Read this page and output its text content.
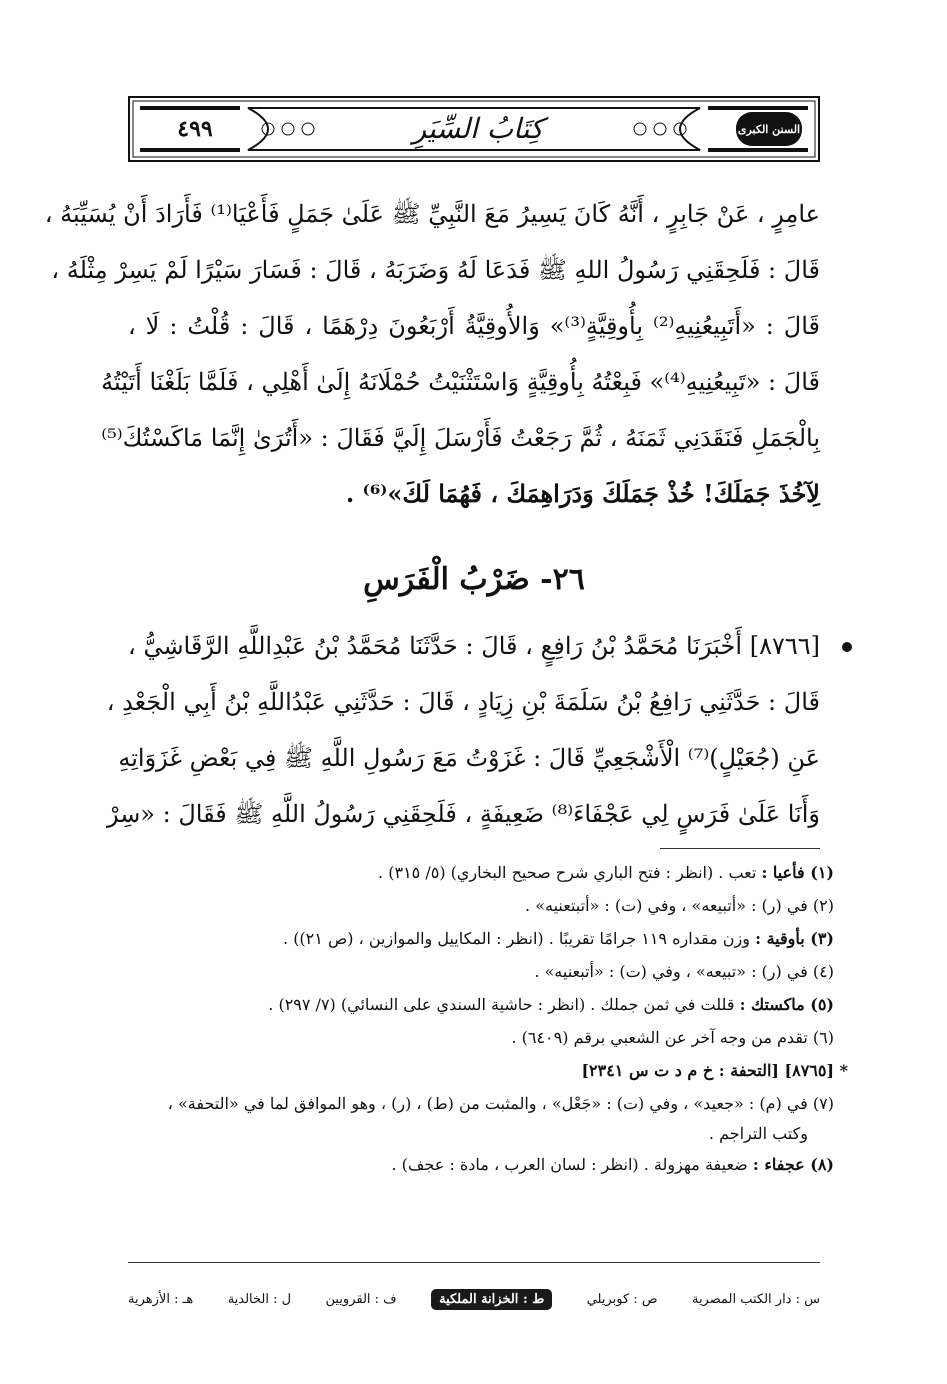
٤٩٩	كِتَابُ السِّيَرِ	السنن الكبرى
عامِرٍ ، عَنْ جَابِرٍ ، أَنَّهُ كَانَ يَسِيرُ مَعَ النَّبِيِّ ﷺ عَلَىٰ جَمَلٍ فَأَعْيَا⁽¹⁾ فَأَرَادَ أَنْ يُسَيِّبَهُ ،
قَالَ : فَلَحِقَنِي رَسُولُ اللهِ ﷺ فَدَعَا لَهُ وَضَرَبَهُ ، قَالَ : فَسَارَ سَيْرًا لَمْ يَسِرْ مِثْلَهُ ،
قَالَ : «أَتَبِيعُنِيهِ⁽²⁾ بِأُوقِيَّةٍ⁽³⁾» وَالأُوقِيَّةُ أَرْبَعُونَ دِرْهَمًا ، قَالَ : قُلْتُ : لَا ،
قَالَ : «تَبِيعُنِيهِ⁽⁴⁾» فَبِعْتُهُ بِأُوقِيَّةٍ وَاسْتَثْنَيْتُ حُمْلَانَهُ إِلَىٰ أَهْلِي ، فَلَمَّا بَلَغْنَا أَتَيْتُهُ
بِالْجَمَلِ فَنَقَدَنِي ثَمَنَهُ ، ثُمَّ رَجَعْتُ فَأَرْسَلَ إِلَيَّ فَقَالَ : «أَتُرَىٰ إِنَّمَا مَاكَسْتُكَ⁽⁵⁾
لِآخُذَ جَمَلَكَ! خُذْ جَمَلَكَ وَدَرَاهِمَكَ ، فَهُمَا لَكَ»⁽⁶⁾ .
٢٦- ضَرْبُ الْفَرَسِ
[٨٧٦٦] أَخْبَرَنَا مُحَمَّدُ بْنُ رَافِعٍ ، قَالَ : حَدَّثَنَا مُحَمَّدُ بْنُ عَبْدِاللَّهِ الرَّقَاشِيُّ ،
قَالَ : حَدَّثَنِي رَافِعُ بْنُ سَلَمَةَ بْنِ زِيَادٍ ، قَالَ : حَدَّثَنِي عَبْدُاللَّهِ بْنُ أَبِي الْجَعْدِ ،
عَنِ (جُعَيْلٍ)⁽⁷⁾ الْأَشْجَعِيِّ قَالَ : غَزَوْتُ مَعَ رَسُولِ اللَّهِ ﷺ فِي بَعْضِ غَزَوَاتِهِ
وَأَنَا عَلَىٰ فَرَسٍ لِي عَجْفَاءَ⁽⁸⁾ ضَعِيفَةٍ ، فَلَحِقَنِي رَسُولُ اللَّهِ ﷺ فَقَالَ : «سِرْ
(١) فأعيا : تعب . (انظر : فتح الباري شرح صحيح البخاري) (٥/ ٣١٥) .
(٢) في (ر) : «أتبيعه» ، وفي (ت) : «أتبتعنيه» .
(٣) بأوقية : وزن مقداره ١١٩ جرامًا تقريبًا . (انظر : المكاييل والموازين ، (ص ٢١)) .
(٤) في (ر) : «تبيعه» ، وفي (ت) : «أتبعنيه» .
(٥) ماكستك : قللت في ثمن جملك . (انظر : حاشية السندي على النسائي) (٧/ ٢٩٧) .
(٦) تقدم من وجه آخر عن الشعبي برقم (٦٤٠٩) .
* [٨٧٦٥] [التحفة : خ م د ت س ٢٣٤١]
(٧) في (م) : «جعيد» ، وفي (ت) : «جَعْل» ، والمثبت من (ط) ، (ر) ، وهو الموافق لما في «التحفة» ،
وكتب التراجم .
(٨) عجفاء : ضعيفة مهزولة . (انظر : لسان العرب ، مادة : عجف) .
س : دار الكتب المصرية
ص : كوبريلي
ط : الخزانة الملكية
ف : القرويين
ل : الخالدية
هـ : الأزهرية
